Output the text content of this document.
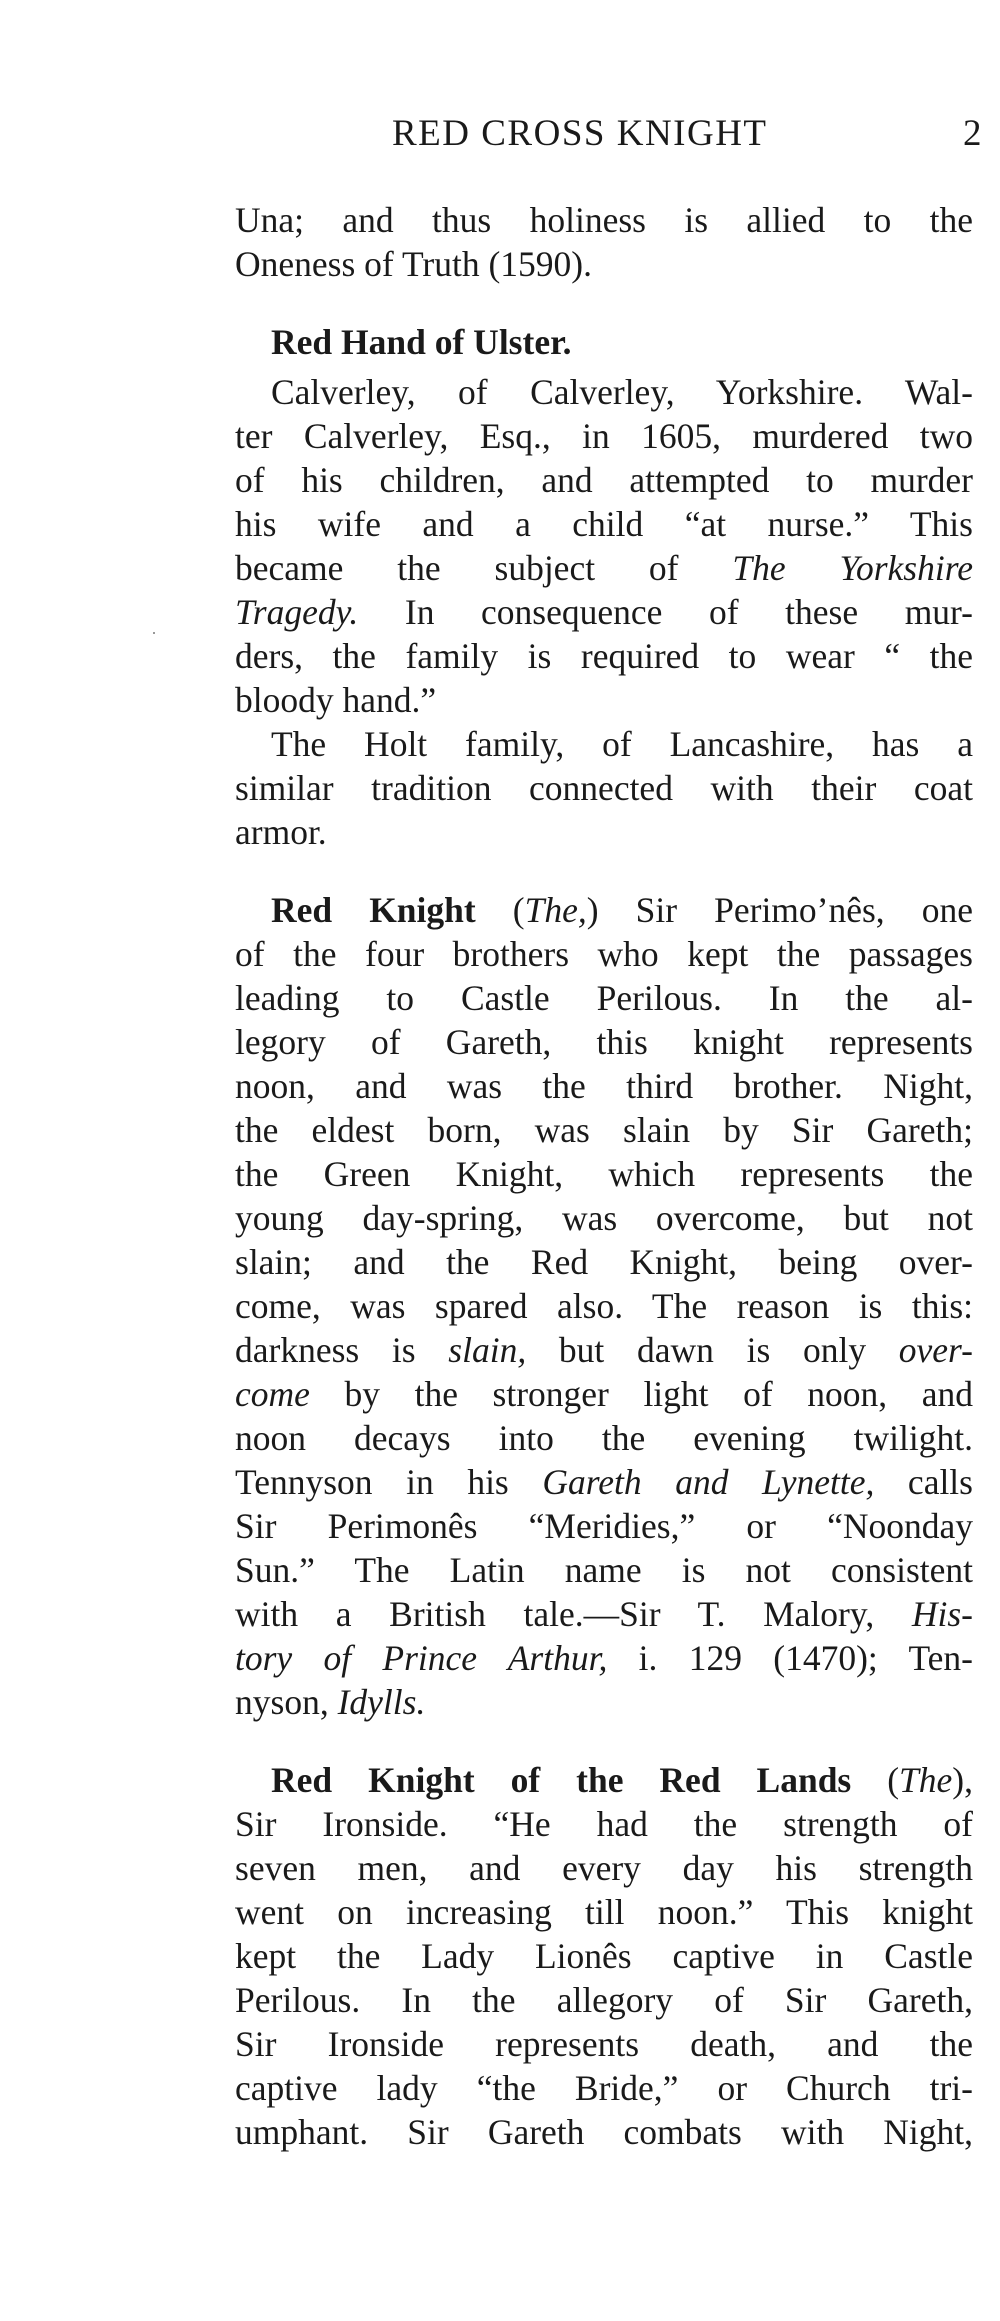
RED CROSS KNIGHT	2
Una; and thus holiness is allied to the
Oneness of Truth (1590).
Red Hand of Ulster.
Calverley, of Calverley, Yorkshire. Wal-
ter Calverley, Esq., in 1605, murdered two
of his children, and attempted to murder
his wife and a child “at nurse.” This
became the subject of The Yorkshire
Tragedy. In consequence of these mur-
ders, the family is required to wear “ the
bloody hand.”
The Holt family, of Lancashire, has a
similar tradition connected with their coat
armor.
Red Knight (The,) Sir Perimo’nês, one
of the four brothers who kept the passages
leading to Castle Perilous. In the al-
legory of Gareth, this knight represents
noon, and was the third brother. Night,
the eldest born, was slain by Sir Gareth;
the Green Knight, which represents the
young day-spring, was overcome, but not
slain; and the Red Knight, being over-
come, was spared also. The reason is this:
darkness is slain, but dawn is only over-
come by the stronger light of noon, and
noon decays into the evening twilight.
Tennyson in his Gareth and Lynette, calls
Sir Perimonês “Meridies,” or “Noonday
Sun.” The Latin name is not consistent
with a British tale.—Sir T. Malory, His-
tory of Prince Arthur, i. 129 (1470); Ten-
nyson, Idylls.
Red Knight of the Red Lands (The),
Sir Ironside. “He had the strength of
seven men, and every day his strength
went on increasing till noon.” This knight
kept the Lady Lionês captive in Castle
Perilous. In the allegory of Sir Gareth,
Sir Ironside represents death, and the
captive lady “the Bride,” or Church tri-
umphant. Sir Gareth combats with Night,
